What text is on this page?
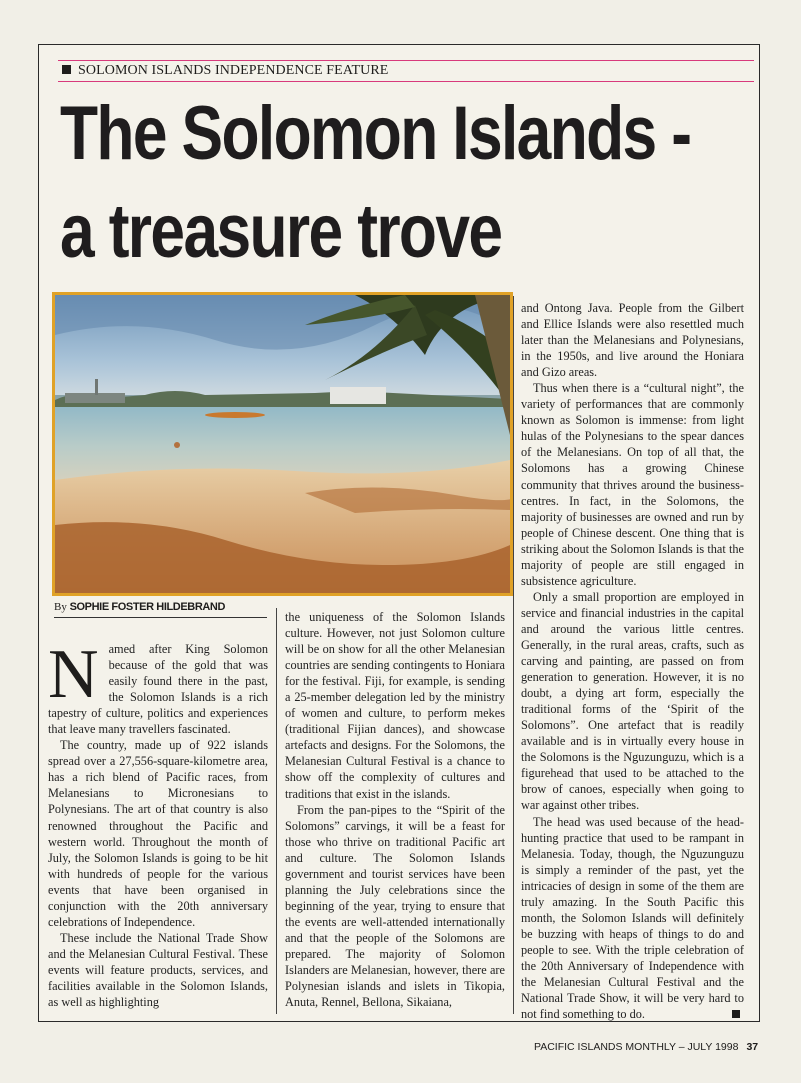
SOLOMON ISLANDS INDEPENDENCE FEATURE
The Solomon Islands -
a treasure trove
By SOPHIE FOSTER HILDEBRAND

Named after King Solomon because of the gold that was easily found there in the past, the Solomon Islands is a rich tapestry of culture, politics and experiences that leave many travellers fascinated.

The country, made up of 922 islands spread over a 27,556-square-kilometre area, has a rich blend of Pacific races, from Melanesians to Micronesians to Polynesians. The art of that country is also renowned throughout the Pacific and western world. Throughout the month of July, the Solomon Islands is going to be hit with hundreds of people for the various events that have been organised in conjunction with the 20th anniversary celebrations of Independence.

These include the National Trade Show and the Melanesian Cultural Festival. These events will feature products, services, and facilities available in the Solomon Islands, as well as highlighting

the uniqueness of the Solomon Islands culture. However, not just Solomon culture will be on show for all the other Melanesian countries are sending contingents to Honiara for the festival. Fiji, for example, is sending a 25-member delegation led by the ministry of women and culture, to perform mekes (traditional Fijian dances), and showcase artefacts and designs. For the Solomons, the Melanesian Cultural Festival is a chance to show off the complexity of cultures and traditions that exist in the islands.

From the pan-pipes to the “Spirit of the Solomons” carvings, it will be a feast for those who thrive on traditional Pacific art and culture. The Solomon Islands government and tourist services have been planning the July celebrations since the beginning of the year, trying to ensure that the events are well-attended internationally and that the people of the Solomons are prepared. The majority of Solomon Islanders are Melanesian, however, there are Polynesian islands and islets in Tikopia, Anuta, Rennel, Bellona, Sikaiana,

and Ontong Java. People from the Gilbert and Ellice Islands were also resettled much later than the Melanesians and Polynesians, in the 1950s, and live around the Honiara and Gizo areas.

Thus when there is a “cultural night”, the variety of performances that are commonly known as Solomon is immense: from light hulas of the Polynesians to the spear dances of the Melanesians. On top of all that, the Solomons has a growing Chinese community that thrives around the business-centres. In fact, in the Solomons, the majority of businesses are owned and run by people of Chinese descent. One thing that is striking about the Solomon Islands is that the majority of people are still engaged in subsistence agriculture.

Only a small proportion are employed in service and financial industries in the capital and around the various little centres. Generally, in the rural areas, crafts, such as carving and painting, are passed on from generation to generation. However, it is no doubt, a dying art form, especially the traditional forms of the ‘Spirit of the Solomons”. One artefact that is readily available and is in virtually every house in the Solomons is the Nguzunguzu, which is a figurehead that used to be attached to the brow of canoes, especially when going to war against other tribes.

The head was used because of the head-hunting practice that used to be rampant in Melanesia. Today, though, the Nguzunguzu is simply a reminder of the past, yet the intricacies of design in some of the them are truly amazing. In the South Pacific this month, the Solomon Islands will definitely be buzzing with heaps of things to do and people to see. With the triple celebration of the 20th Anniversary of Independence with the Melanesian Cultural Festival and the National Trade Show, it will be very hard to not find something to do.

PACIFIC ISLANDS MONTHLY – JULY 1998 37
